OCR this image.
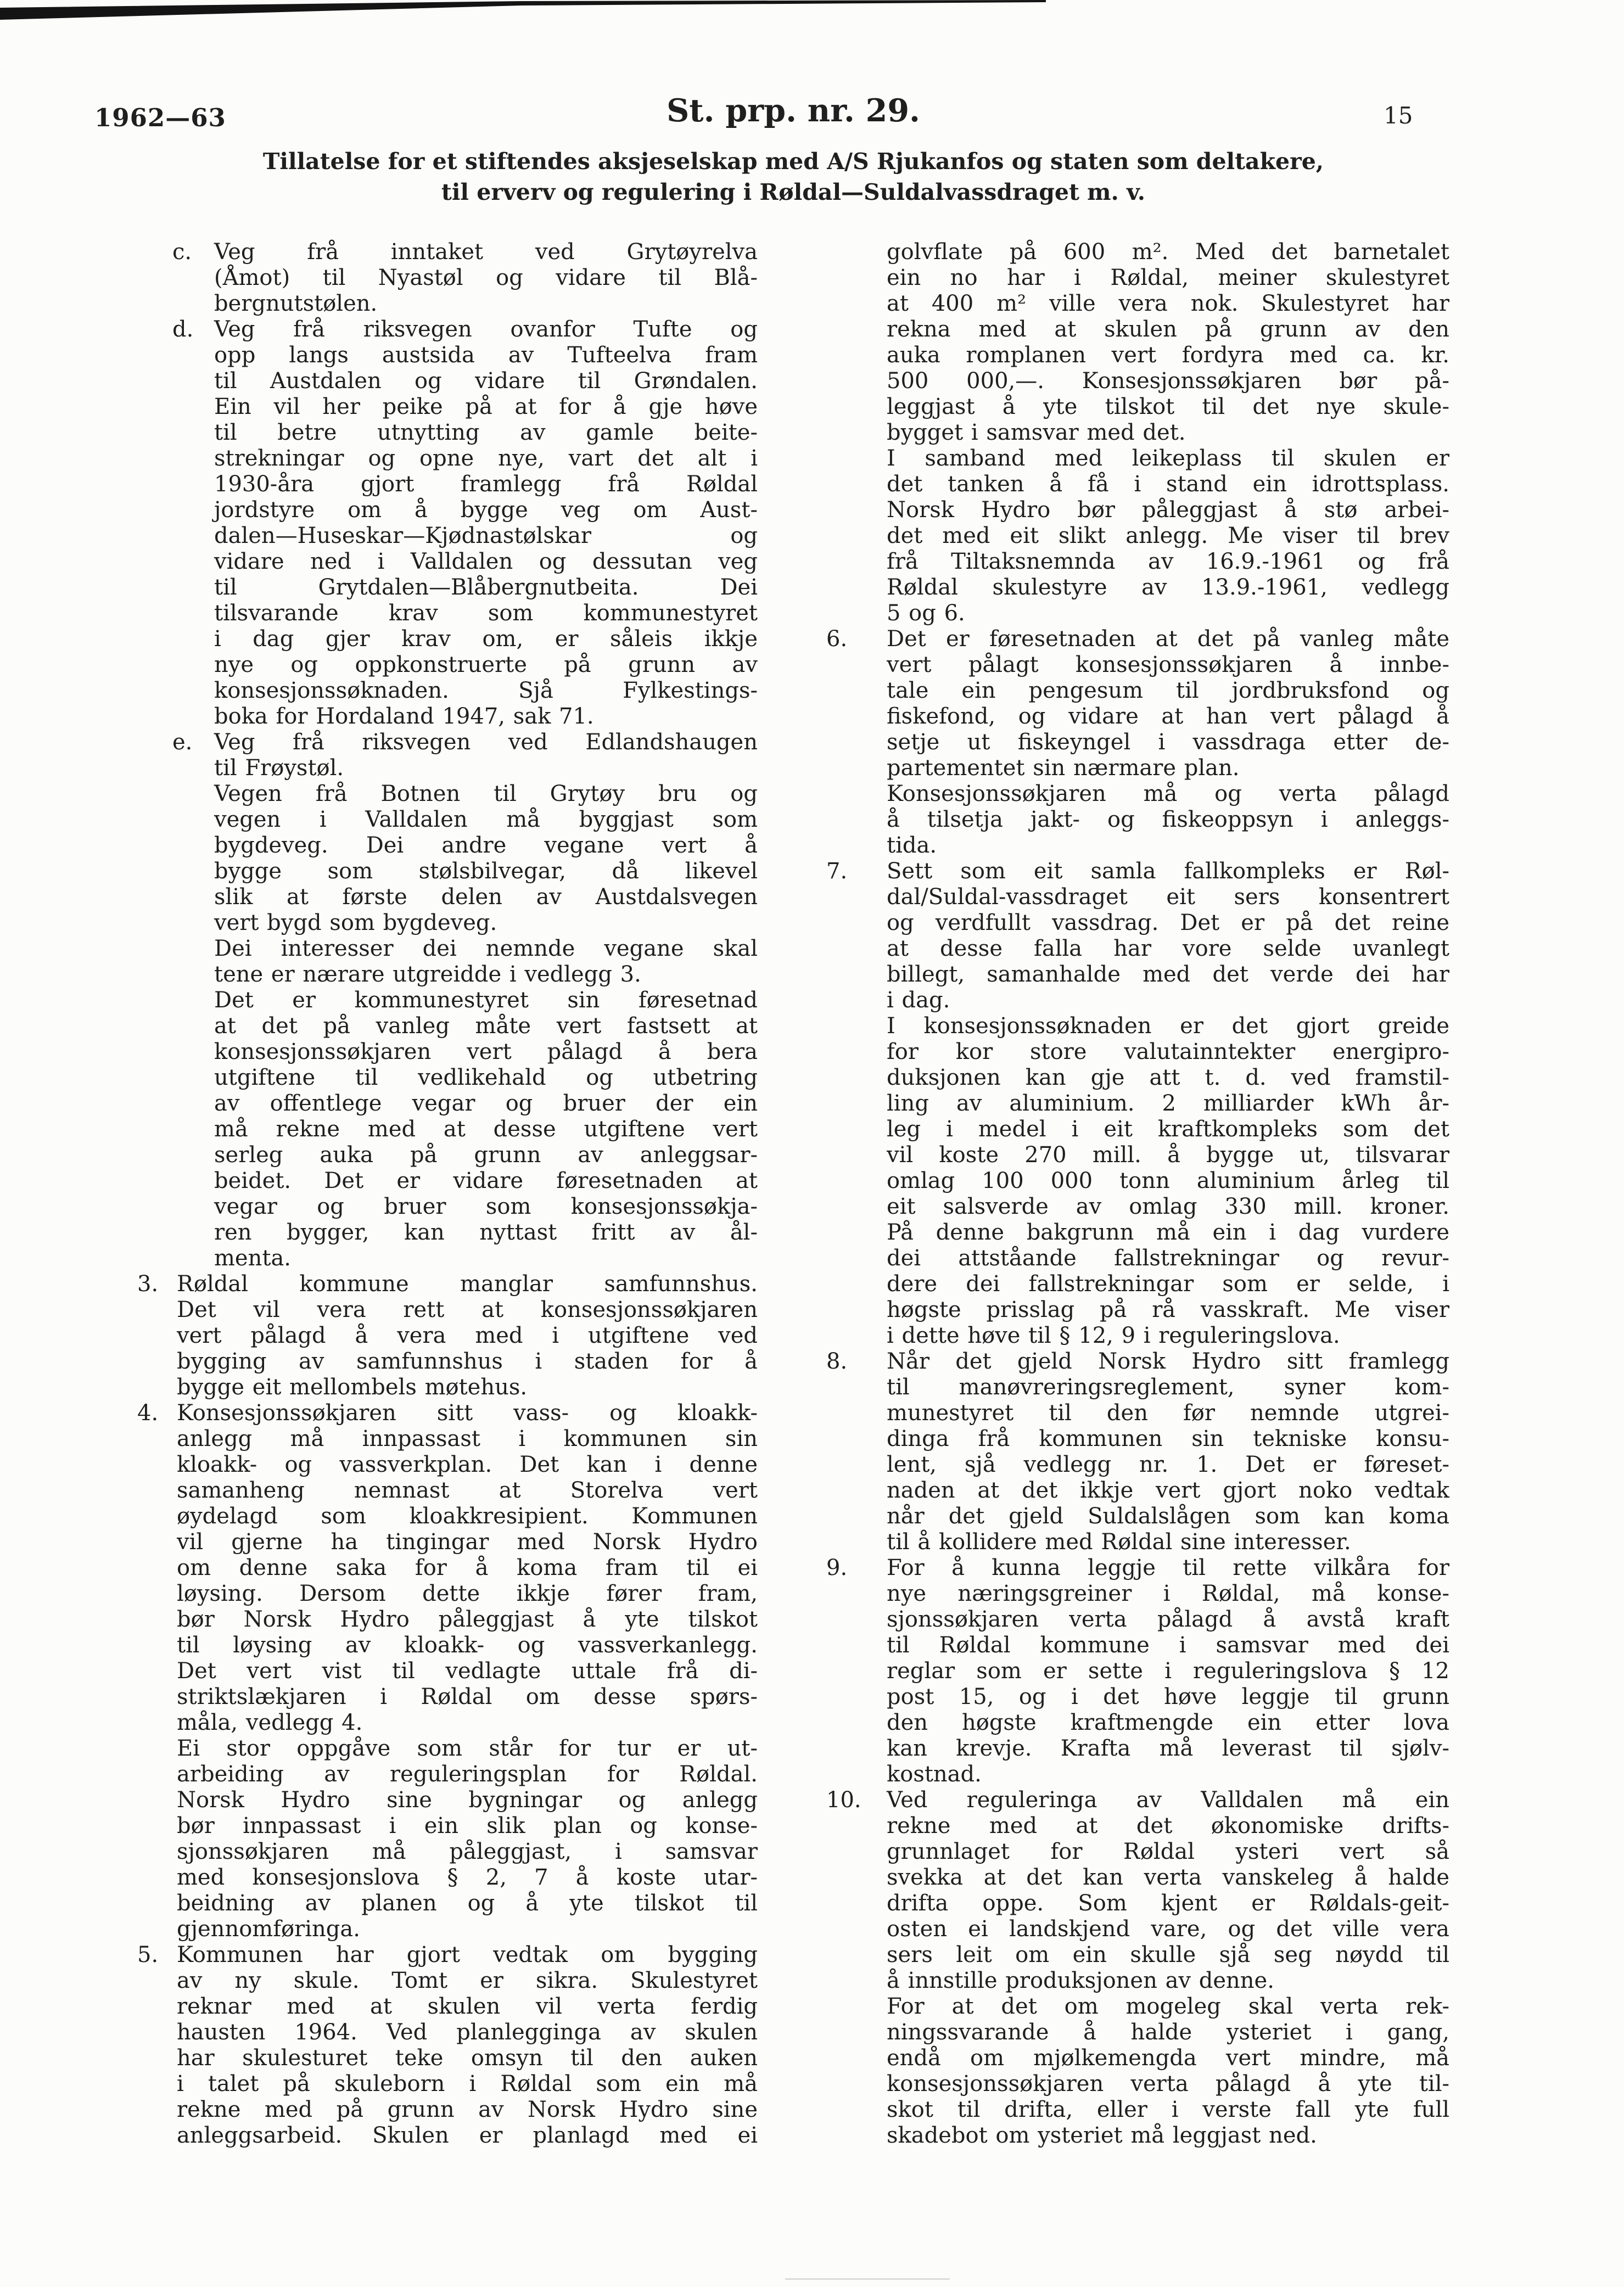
1962—63	St. prp. nr. 29.	15
Tillatelse for et stiftendes aksjeselskap med A/S Rjukanfos og staten som deltakere,
til erverv og regulering i Røldal—Suldalvassdraget m. v.
c. Veg frå inntaket ved Grytøyrelva
(Åmot) til Nyastøl og vidare til Blå-
bergnutstølen.
d. Veg frå riksvegen ovanfor Tufte og
opp langs austsida av Tufteelva fram
til Austdalen og vidare til Grøndalen.
Ein vil her peike på at for å gje høve
til betre utnytting av gamle beite-
strekningar og opne nye, vart det alt i
1930-åra gjort framlegg frå Røldal
jordstyre om å bygge veg om Aust-
dalen—Huseskar—Kjødnastølskar og
vidare ned i Valldalen og dessutan veg
til Grytdalen—Blåbergnutbeita. Dei
tilsvarande krav som kommunestyret
i dag gjer krav om, er såleis ikkje
nye og oppkonstruerte på grunn av
konsesjonssøknaden. Sjå Fylkestings-
boka for Hordaland 1947, sak 71.
e. Veg frå riksvegen ved Edlandshaugen
til Frøystøl.
Vegen frå Botnen til Grytøy bru og
vegen i Valldalen må byggjast som
bygdeveg. Dei andre vegane vert å
bygge som stølsbilvegar, då likevel
slik at første delen av Austdalsvegen
vert bygd som bygdeveg.
Dei interesser dei nemnde vegane skal
tene er nærare utgreidde i vedlegg 3.
Det er kommunestyret sin føresetnad
at det på vanleg måte vert fastsett at
konsesjonssøkjaren vert pålagd å bera
utgiftene til vedlikehald og utbetring
av offentlege vegar og bruer der ein
må rekne med at desse utgiftene vert
serleg auka på grunn av anleggsar-
beidet. Det er vidare føresetnaden at
vegar og bruer som konsesjonssøkja-
ren bygger, kan nyttast fritt av ål-
menta.
3. Røldal kommune manglar samfunnshus.
Det vil vera rett at konsesjonssøkjaren
vert pålagd å vera med i utgiftene ved
bygging av samfunnshus i staden for å
bygge eit mellombels møtehus.
4. Konsesjonssøkjaren sitt vass- og kloakk-
anlegg må innpassast i kommunen sin
kloakk- og vassverkplan. Det kan i denne
samanheng nemnast at Storelva vert
øydelagd som kloakkresipient. Kommunen
vil gjerne ha tingingar med Norsk Hydro
om denne saka for å koma fram til ei
løysing. Dersom dette ikkje fører fram,
bør Norsk Hydro påleggjast å yte tilskot
til løysing av kloakk- og vassverkanlegg.
Det vert vist til vedlagte uttale frå di-
striktslækjaren i Røldal om desse spørs-
måla, vedlegg 4.
Ei stor oppgåve som står for tur er ut-
arbeiding av reguleringsplan for Røldal.
Norsk Hydro sine bygningar og anlegg
bør innpassast i ein slik plan og konse-
sjonssøkjaren må påleggjast, i samsvar
med konsesjonslova § 2, 7 å koste utar-
beidning av planen og å yte tilskot til
gjennomføringa.
5. Kommunen har gjort vedtak om bygging
av ny skule. Tomt er sikra. Skulestyret
reknar med at skulen vil verta ferdig
hausten 1964. Ved planlegginga av skulen
har skulesturet teke omsyn til den auken
i talet på skuleborn i Røldal som ein må
rekne med på grunn av Norsk Hydro sine
anleggsarbeid. Skulen er planlagd med ei
golvflate på 600 m². Med det barnetalet
ein no har i Røldal, meiner skulestyret
at 400 m² ville vera nok. Skulestyret har
rekna med at skulen på grunn av den
auka romplanen vert fordyra med ca. kr.
500 000,—. Konsesjonssøkjaren bør på-
leggjast å yte tilskot til det nye skule-
bygget i samsvar med det.
I samband med leikeplass til skulen er
det tanken å få i stand ein idrottsplass.
Norsk Hydro bør påleggjast å stø arbei-
det med eit slikt anlegg. Me viser til brev
frå Tiltaksnemnda av 16.9.-1961 og frå
Røldal skulestyre av 13.9.-1961, vedlegg
5 og 6.
6. Det er føresetnaden at det på vanleg måte
vert pålagt konsesjonssøkjaren å innbe-
tale ein pengesum til jordbruksfond og
fiskefond, og vidare at han vert pålagd å
setje ut fiskeyngel i vassdraga etter de-
partementet sin nærmare plan.
Konsesjonssøkjaren må og verta pålagd
å tilsetja jakt- og fiskeoppsyn i anleggs-
tida.
7. Sett som eit samla fallkompleks er Røl-
dal/Suldal-vassdraget eit sers konsentrert
og verdfullt vassdrag. Det er på det reine
at desse falla har vore selde uvanlegt
billegt, samanhalde med det verde dei har
i dag.
I konsesjonssøknaden er det gjort greide
for kor store valutainntekter energipro-
duksjonen kan gje att t. d. ved framstil-
ling av aluminium. 2 milliarder kWh år-
leg i medel i eit kraftkompleks som det
vil koste 270 mill. å bygge ut, tilsvarar
omlag 100 000 tonn aluminium årleg til
eit salsverde av omlag 330 mill. kroner.
På denne bakgrunn må ein i dag vurdere
dei attståande fallstrekningar og revur-
dere dei fallstrekningar som er selde, i
høgste prisslag på rå vasskraft. Me viser
i dette høve til § 12, 9 i reguleringslova.
8. Når det gjeld Norsk Hydro sitt framlegg
til manøvreringsreglement, syner kom-
munestyret til den før nemnde utgrei-
dinga frå kommunen sin tekniske konsu-
lent, sjå vedlegg nr. 1. Det er føreset-
naden at det ikkje vert gjort noko vedtak
når det gjeld Suldalslågen som kan koma
til å kollidere med Røldal sine interesser.
9. For å kunna leggje til rette vilkåra for
nye næringsgreiner i Røldal, må konse-
sjonssøkjaren verta pålagd å avstå kraft
til Røldal kommune i samsvar med dei
reglar som er sette i reguleringslova § 12
post 15, og i det høve leggje til grunn
den høgste kraftmengde ein etter lova
kan krevje. Krafta må leverast til sjølv-
kostnad.
10. Ved reguleringa av Valldalen må ein
rekne med at det økonomiske drifts-
grunnlaget for Røldal ysteri vert så
svekka at det kan verta vanskeleg å halde
drifta oppe. Som kjent er Røldals-geit-
osten ei landskjend vare, og det ville vera
sers leit om ein skulle sjå seg nøydd til
å innstille produksjonen av denne.
For at det om mogeleg skal verta rek-
ningssvarande å halde ysteriet i gang,
endå om mjølkemengda vert mindre, må
konsesjonssøkjaren verta pålagd å yte til-
skot til drifta, eller i verste fall yte full
skadebot om ysteriet må leggjast ned.
